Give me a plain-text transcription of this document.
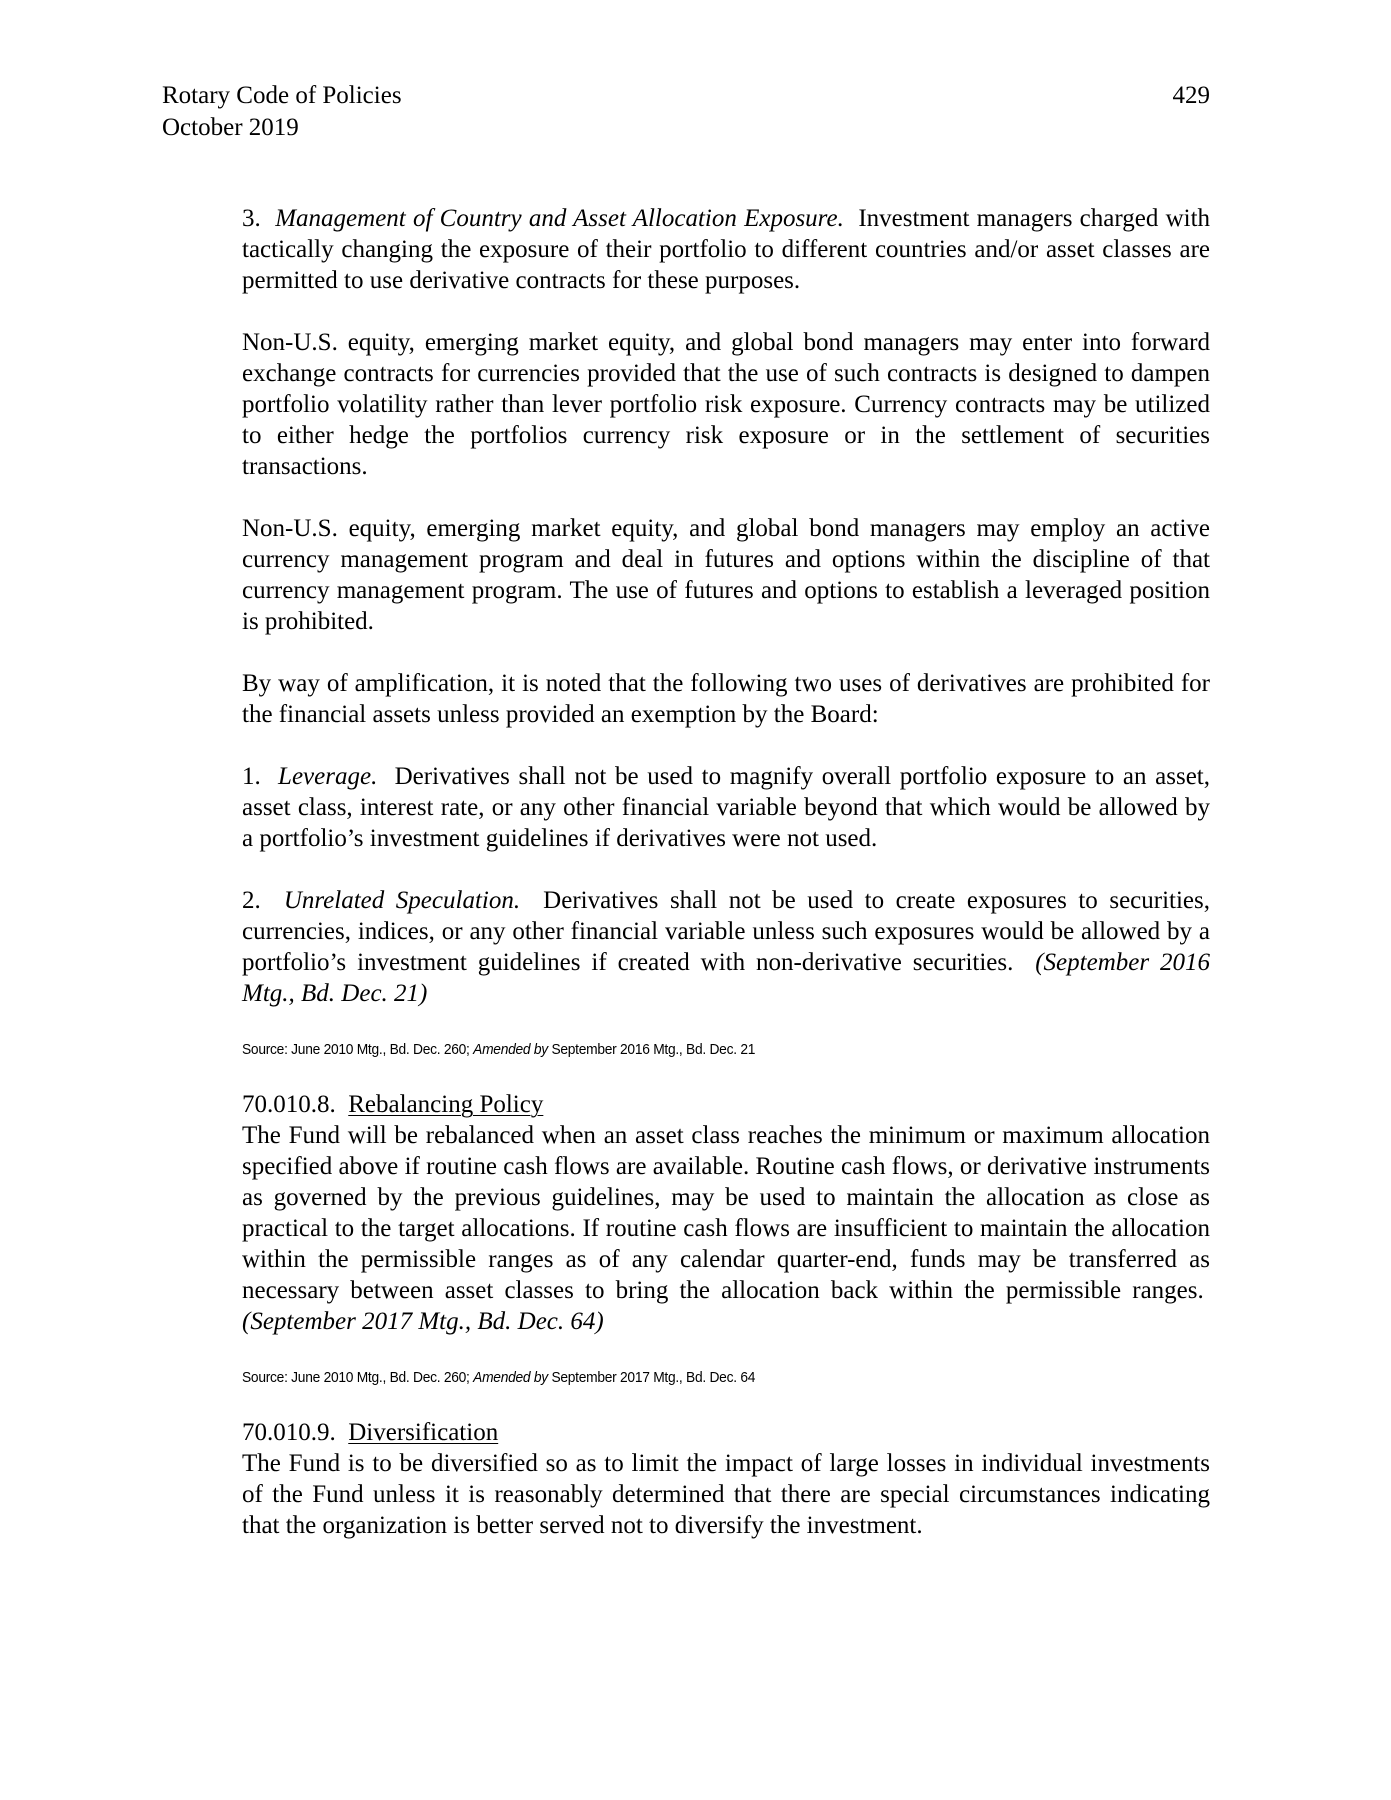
Rotary Code of Policies
October 2019
429

3. Management of Country and Asset Allocation Exposure. Investment managers charged with tactically changing the exposure of their portfolio to different countries and/or asset classes are permitted to use derivative contracts for these purposes.

Non-U.S. equity, emerging market equity, and global bond managers may enter into forward exchange contracts for currencies provided that the use of such contracts is designed to dampen portfolio volatility rather than lever portfolio risk exposure. Currency contracts may be utilized to either hedge the portfolios currency risk exposure or in the settlement of securities transactions.

Non-U.S. equity, emerging market equity, and global bond managers may employ an active currency management program and deal in futures and options within the discipline of that currency management program. The use of futures and options to establish a leveraged position is prohibited.

By way of amplification, it is noted that the following two uses of derivatives are prohibited for the financial assets unless provided an exemption by the Board:

1. Leverage. Derivatives shall not be used to magnify overall portfolio exposure to an asset, asset class, interest rate, or any other financial variable beyond that which would be allowed by a portfolio’s investment guidelines if derivatives were not used.

2. Unrelated Speculation. Derivatives shall not be used to create exposures to securities, currencies, indices, or any other financial variable unless such exposures would be allowed by a portfolio’s investment guidelines if created with non-derivative securities. (September 2016 Mtg., Bd. Dec. 21)

Source: June 2010 Mtg., Bd. Dec. 260; Amended by September 2016 Mtg., Bd. Dec. 21

70.010.8. Rebalancing Policy

The Fund will be rebalanced when an asset class reaches the minimum or maximum allocation specified above if routine cash flows are available. Routine cash flows, or derivative instruments as governed by the previous guidelines, may be used to maintain the allocation as close as practical to the target allocations. If routine cash flows are insufficient to maintain the allocation within the permissible ranges as of any calendar quarter-end, funds may be transferred as necessary between asset classes to bring the allocation back within the permissible ranges.  (September 2017 Mtg., Bd. Dec. 64)

Source: June 2010 Mtg., Bd. Dec. 260; Amended by September 2017 Mtg., Bd. Dec. 64

70.010.9. Diversification

The Fund is to be diversified so as to limit the impact of large losses in individual investments of the Fund unless it is reasonably determined that there are special circumstances indicating that the organization is better served not to diversify the investment.
